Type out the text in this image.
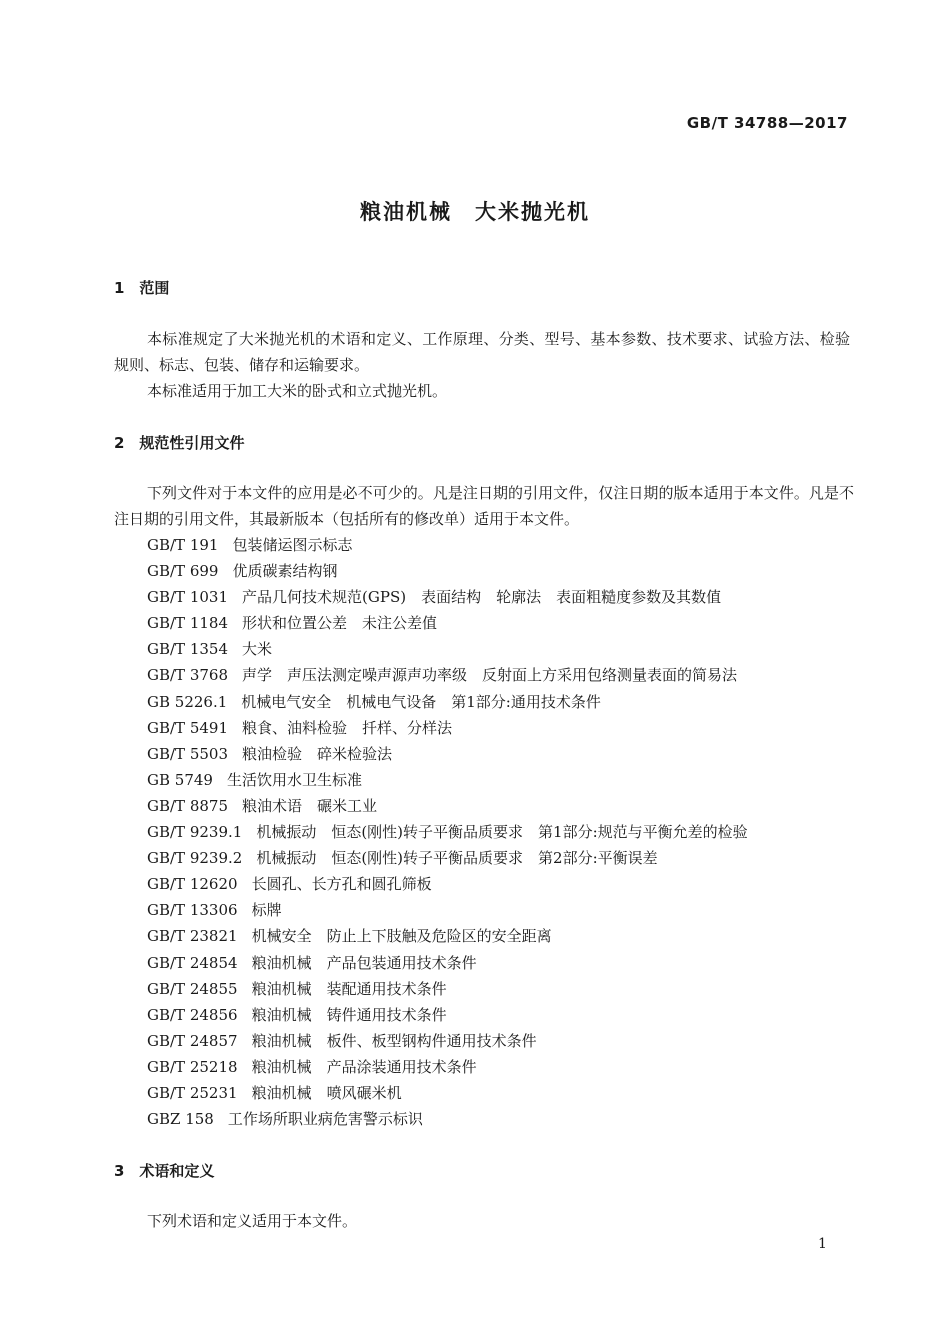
GB/T 34788—2017
粮油机械　大米抛光机
1　范围
本标准规定了大米抛光机的术语和定义、工作原理、分类、型号、基本参数、技术要求、试验方法、检验规则、标志、包装、储存和运输要求。
本标准适用于加工大米的卧式和立式抛光机。
2　规范性引用文件
下列文件对于本文件的应用是必不可少的。凡是注日期的引用文件，仅注日期的版本适用于本文件。凡是不注日期的引用文件，其最新版本（包括所有的修改单）适用于本文件。
GB/T 191 包装储运图示标志
GB/T 699 优质碳素结构钢
GB/T 1031 产品几何技术规范(GPS)　表面结构　轮廓法　表面粗糙度参数及其数值
GB/T 1184 形状和位置公差　未注公差值
GB/T 1354 大米
GB/T 3768 声学　声压法测定噪声源声功率级　反射面上方采用包络测量表面的简易法
GB 5226.1 机械电气安全　机械电气设备　第1部分:通用技术条件
GB/T 5491 粮食、油料检验　扦样、分样法
GB/T 5503 粮油检验　碎米检验法
GB 5749 生活饮用水卫生标准
GB/T 8875 粮油术语　碾米工业
GB/T 9239.1 机械振动　恒态(刚性)转子平衡品质要求　第1部分:规范与平衡允差的检验
GB/T 9239.2 机械振动　恒态(刚性)转子平衡品质要求　第2部分:平衡误差
GB/T 12620 长圆孔、长方孔和圆孔筛板
GB/T 13306 标牌
GB/T 23821 机械安全　防止上下肢触及危险区的安全距离
GB/T 24854 粮油机械　产品包装通用技术条件
GB/T 24855 粮油机械　装配通用技术条件
GB/T 24856 粮油机械　铸件通用技术条件
GB/T 24857 粮油机械　板件、板型钢构件通用技术条件
GB/T 25218 粮油机械　产品涂装通用技术条件
GB/T 25231 粮油机械　喷风碾米机
GBZ 158 工作场所职业病危害警示标识
3　术语和定义
下列术语和定义适用于本文件。
1
